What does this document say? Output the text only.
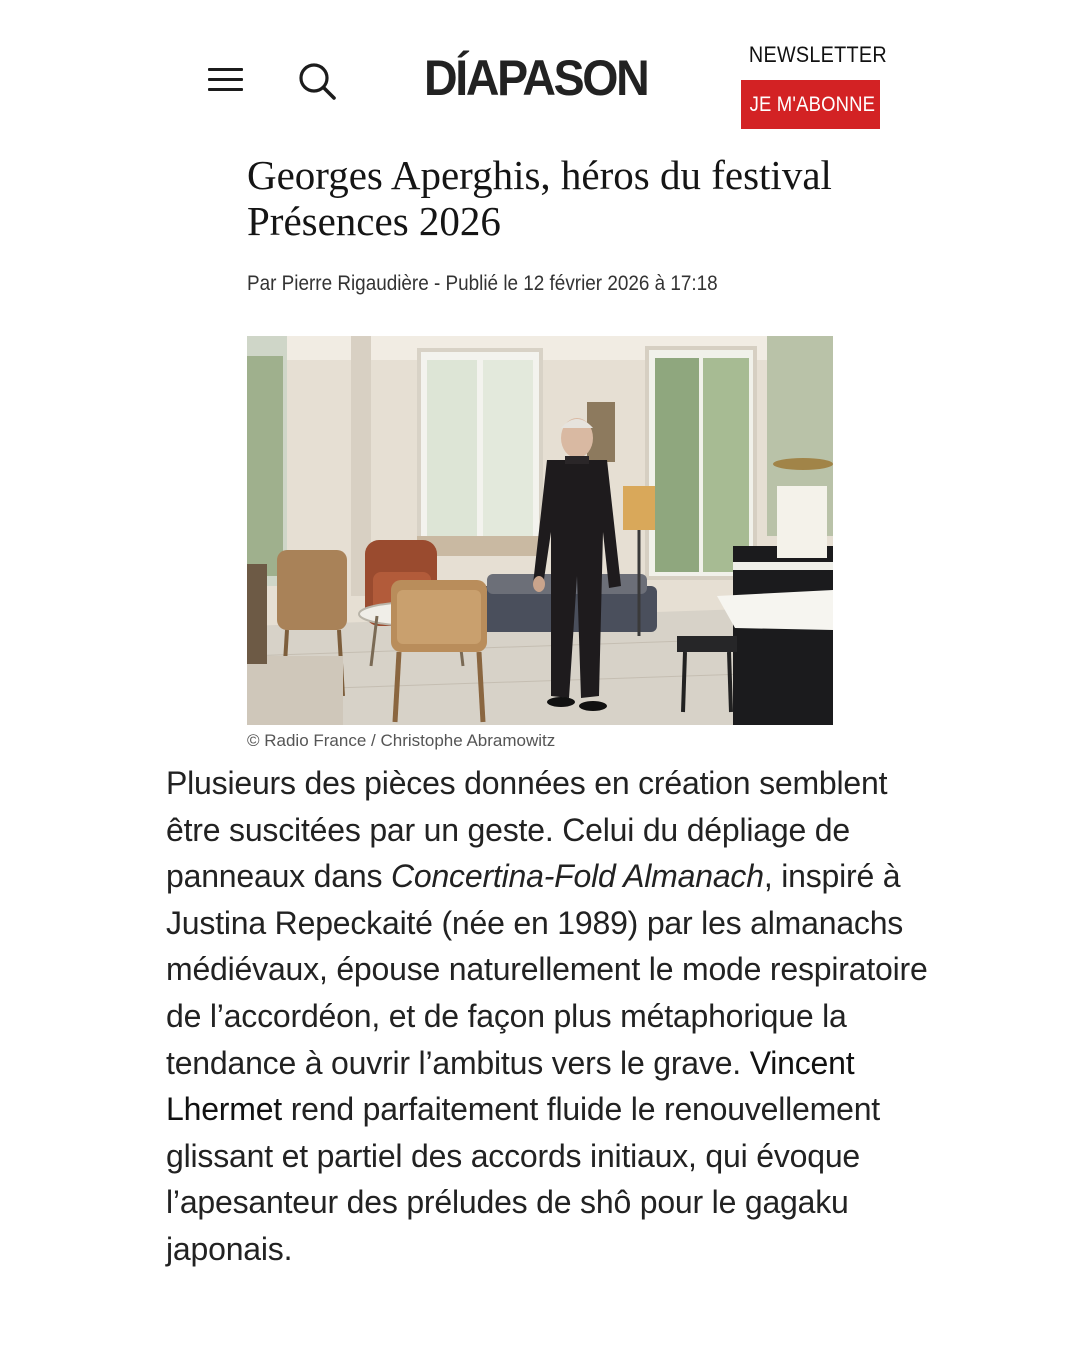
DÍAPASON	NEWSLETTER
JE M'ABONNE
Georges Aperghis, héros du festival Présences 2026
Par Pierre Rigaudière - Publié le 12 février 2026 à 17:18
© Radio France / Christophe Abramowitz

Plusieurs des pièces données en création semblent être suscitées par un geste. Celui du dépliage de panneaux dans Concertina-Fold Almanach, inspiré à Justina Repeckaité (née en 1989) par les almanachs médiévaux, épouse naturellement le mode respiratoire de l’accordéon, et de façon plus métaphorique la tendance à ouvrir l’ambitus vers le grave. Vincent Lhermet rend parfaitement fluide le renouvellement glissant et partiel des accords initiaux, qui évoque l’apesanteur des préludes de shô pour le gagaku japonais.
